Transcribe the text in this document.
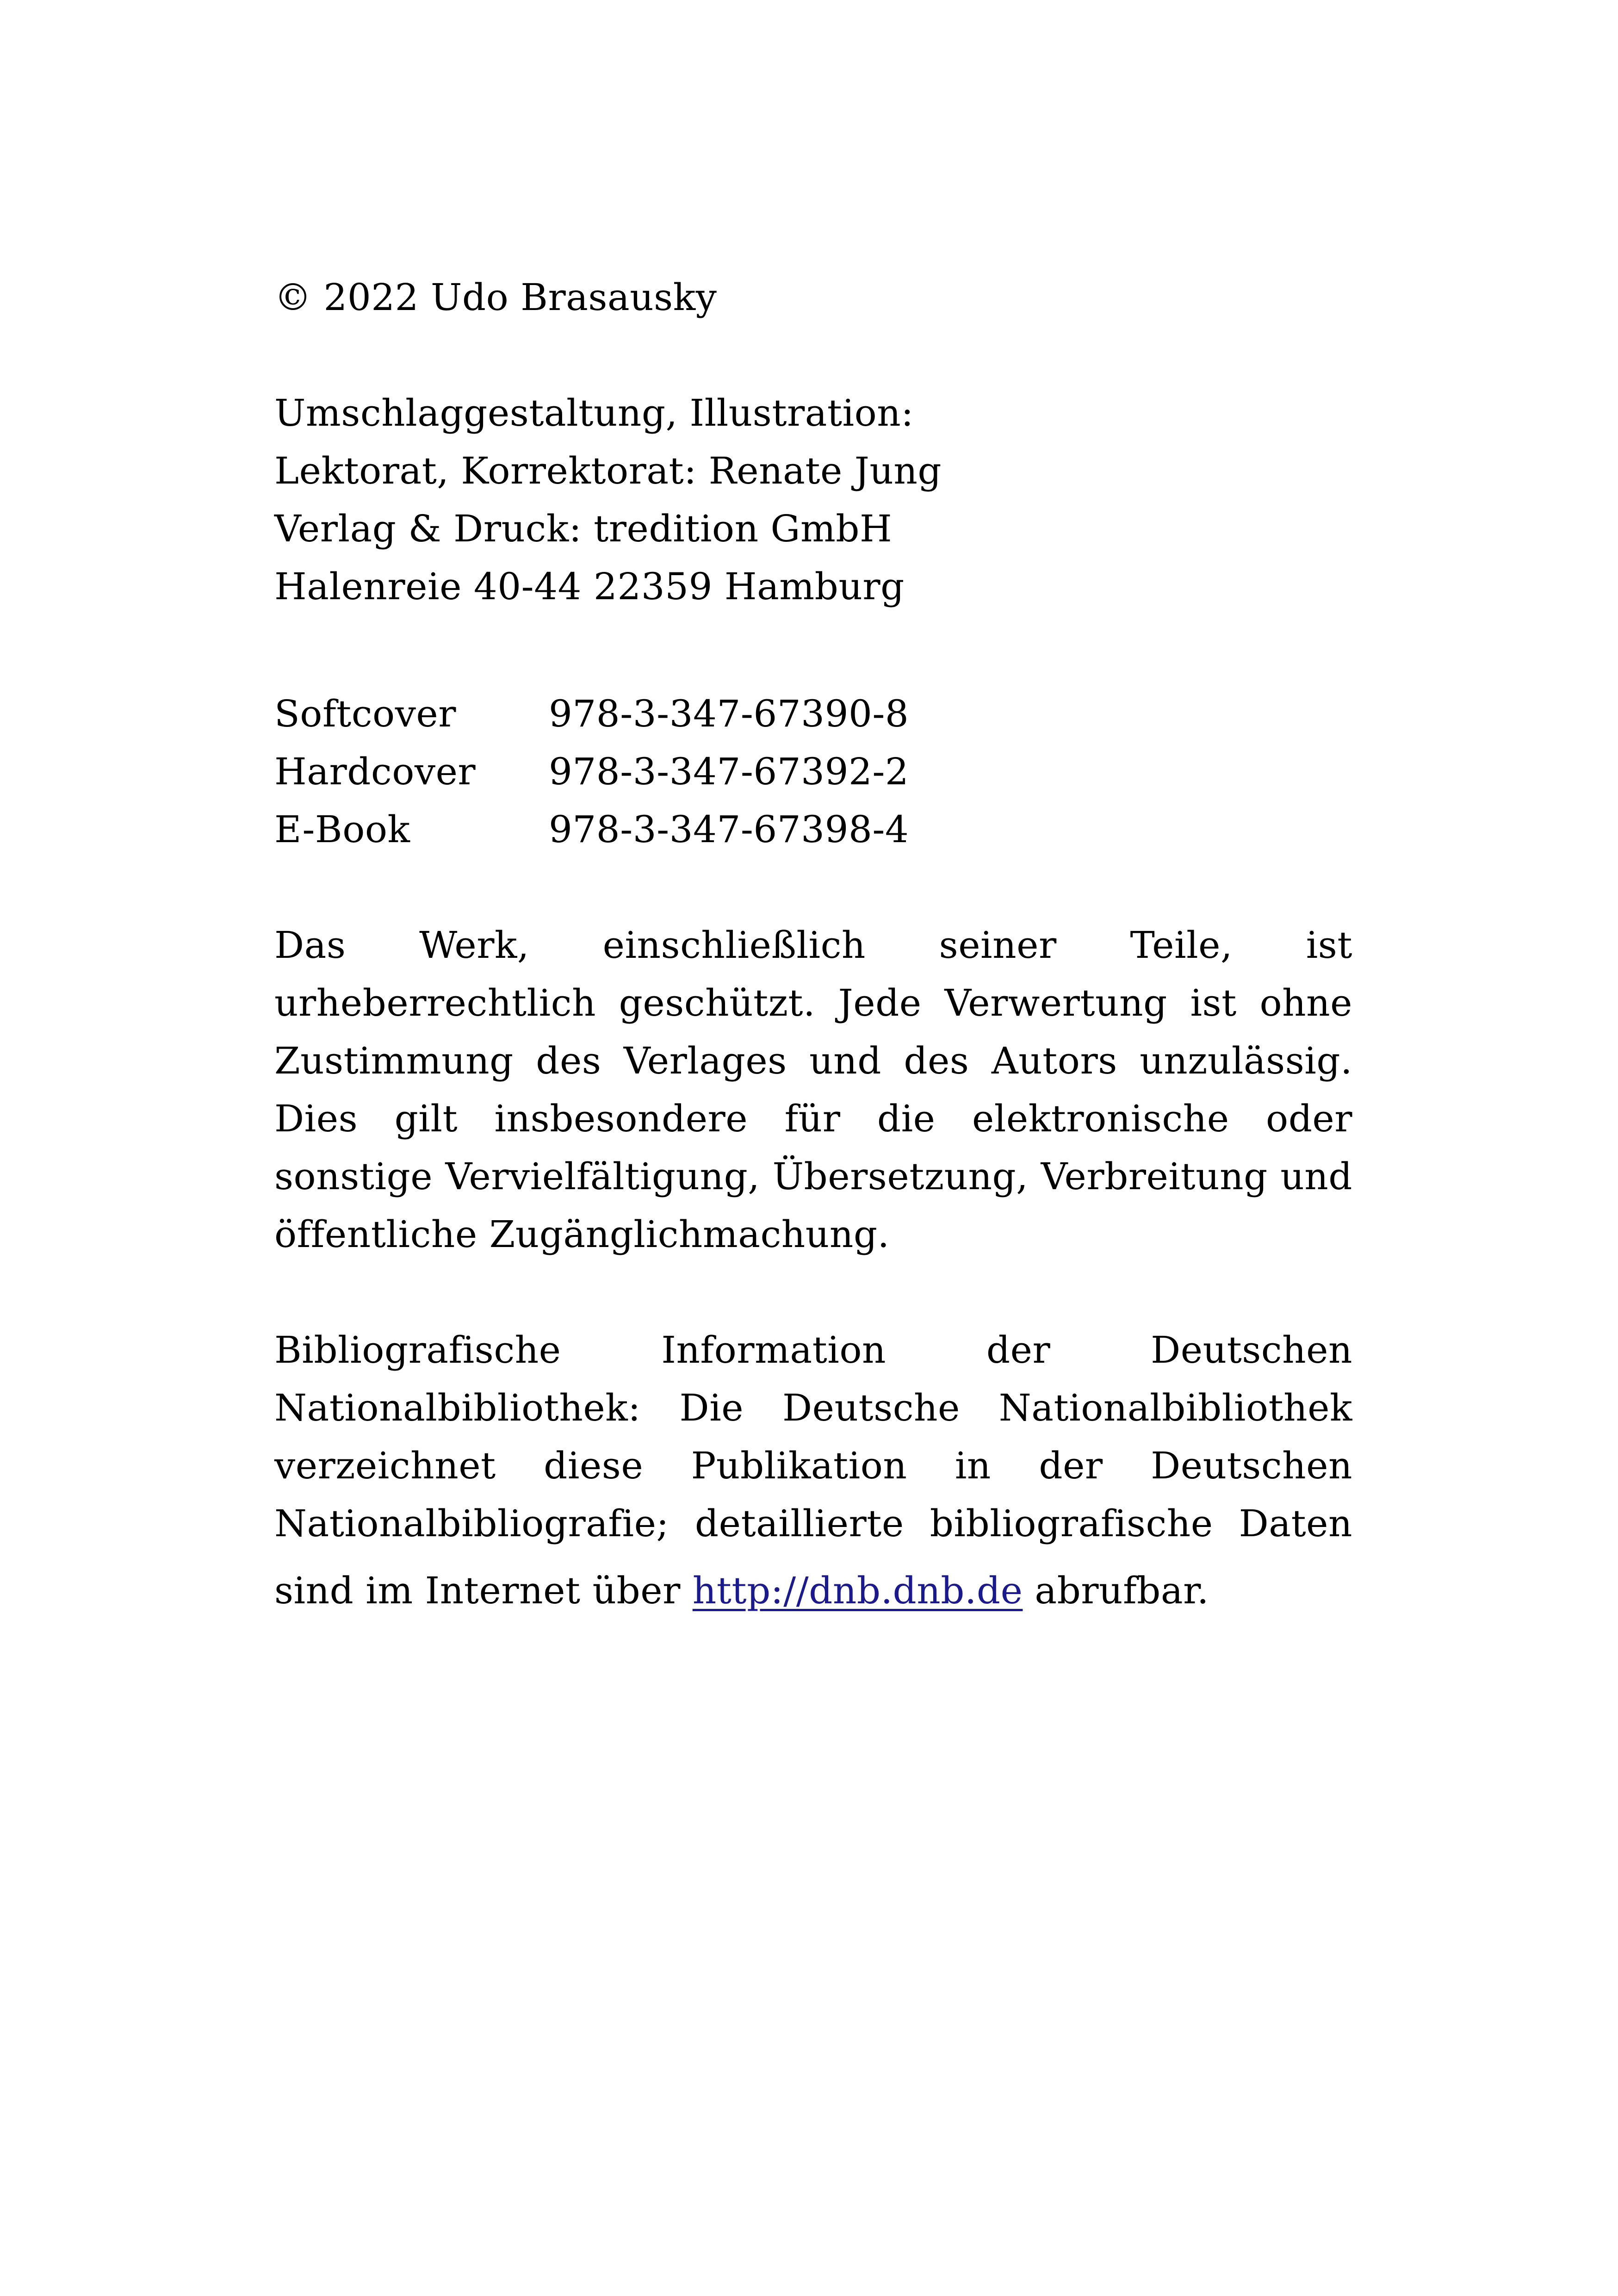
© 2022 Udo Brasausky

Umschlaggestaltung, Illustration:
Lektorat, Korrektorat: Renate Jung
Verlag & Druck: tredition GmbH
Halenreie 40-44 22359 Hamburg
Softcover	978-3-347-67390-8
Hardcover	978-3-347-67392-2
E-Book	978-3-347-67398-4

Das Werk, einschließlich seiner Teile, ist urheberrechtlich geschützt. Jede Verwertung ist ohne Zustimmung des Verlages und des Autors unzulässig. Dies gilt insbesondere für die elektronische oder sonstige Vervielfältigung, Übersetzung, Verbreitung und öffentliche Zugänglichmachung.

Bibliografische Information der Deutschen Nationalbibliothek: Die Deutsche Nationalbibliothek verzeichnet diese Publikation in der Deutschen Nationalbibliografie; detaillierte bibliografische Daten

sind im Internet über http://dnb.dnb.de abrufbar.
